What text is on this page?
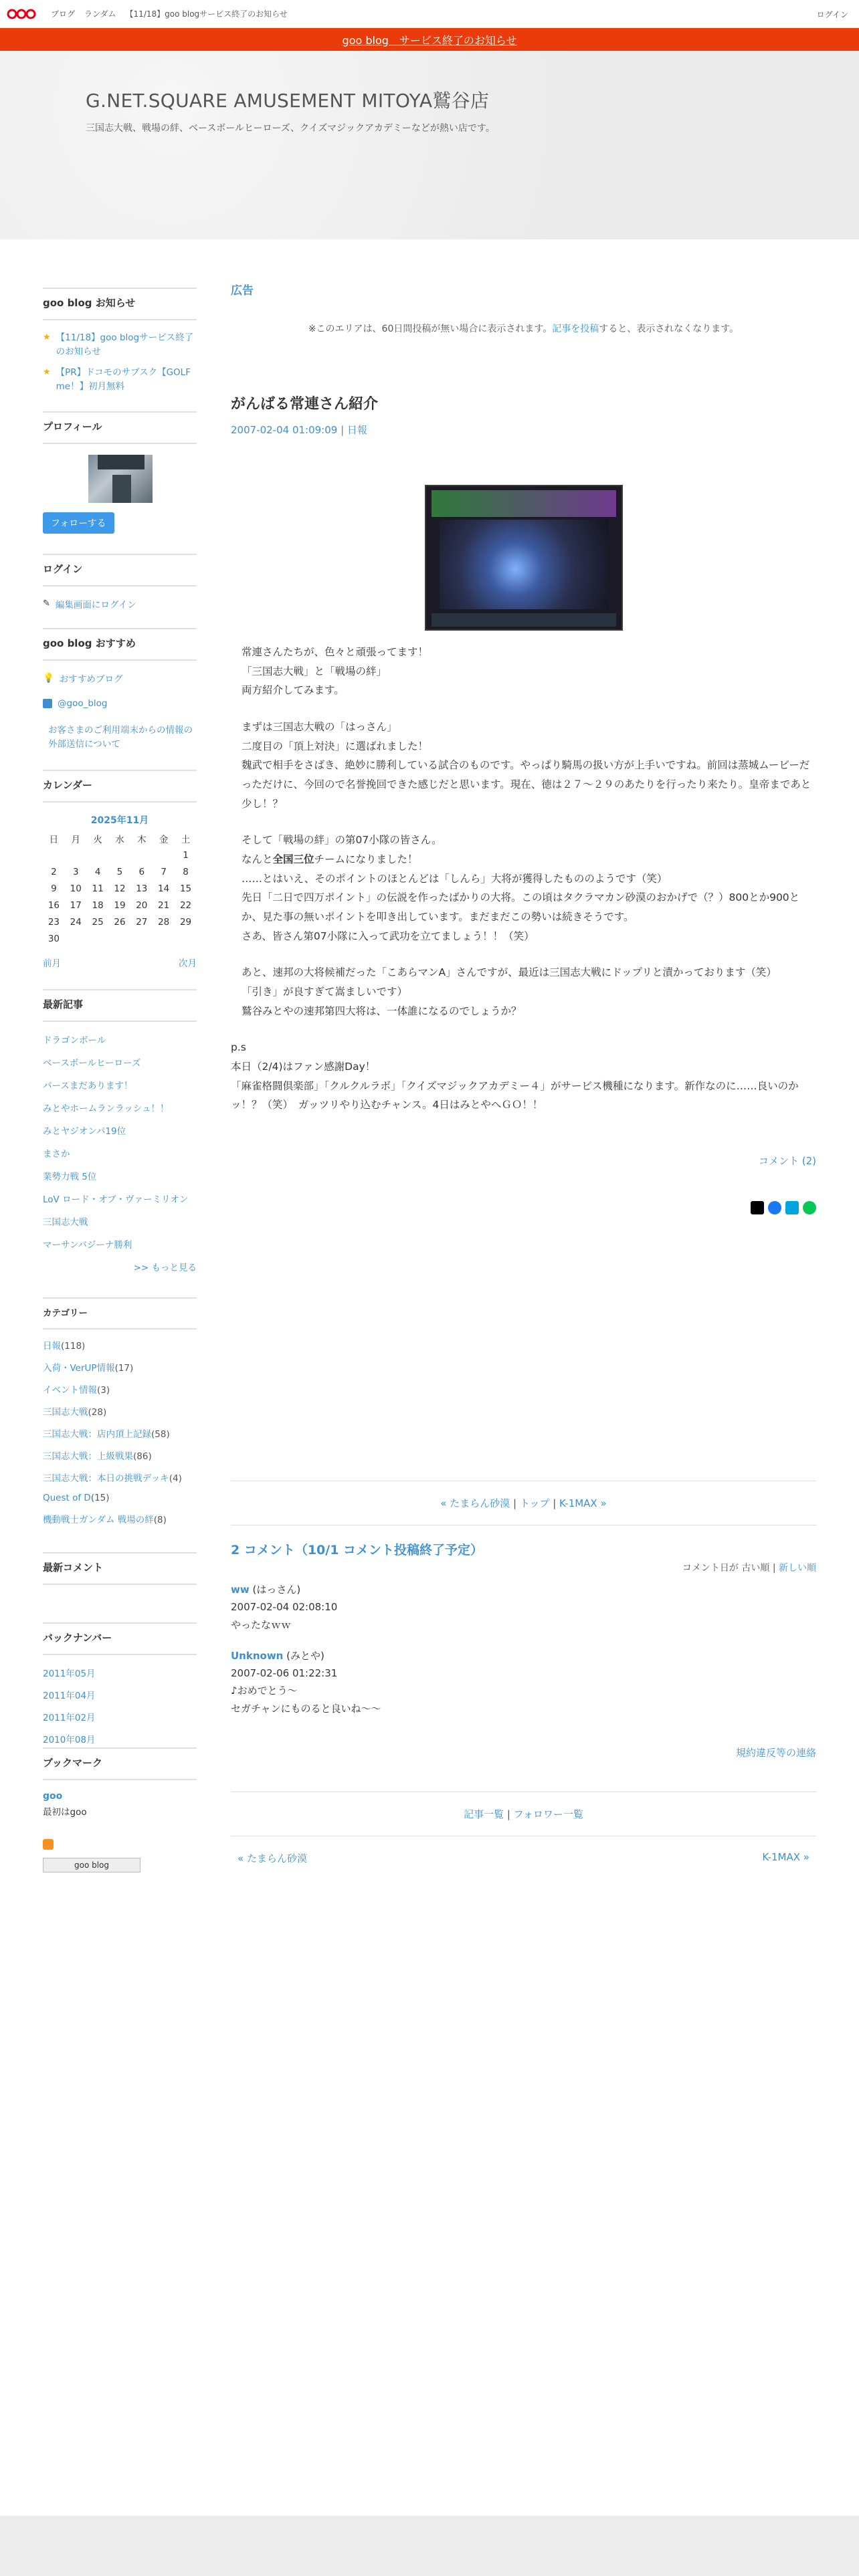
ブログ ランダム 【11/18】goo blogサービス終了のお知らせ	ログイン
goo blog　サービス終了のお知らせ
G.NET.SQUARE AMUSEMENT MITOYA鷲谷店
三国志大戦、戦場の絆、ベースボールヒーローズ、クイズマジックアカデミーなどが熱い店です。
goo blog お知らせ
★ 【11/18】goo blogサービス終了のお知らせ
★ 【PR】ドコモのサブスク【GOLF me！】初月無料
プロフィール
フォローする
ログイン
✎ 編集画面にログイン
goo blog おすすめ
💡 おすすめブログ
@goo_blog
お客さまのご利用端末からの情報の外部送信について
カレンダー
2025年11月
日	月	火	水	木	金	土
						1
2	3	4	5	6	7	8
9	10	11	12	13	14	15
16	17	18	19	20	21	22
23	24	25	26	27	28	29
30						
前月	次月
最新記事
ドラゴンボール
ベースボールヒーローズ
バースまだあります！
みとやホームランラッシュ！！
みとヤジオンパ19位
まさか
業勢力戦 5位
LoV ロード・オブ・ヴァーミリオン
三国志大戦
マーサンバジーナ勝利
>> もっと見る
カテゴリー
日報(118)
入荷・VerUP情報(17)
イベント情報(3)
三国志大戦(28)
三国志大戦：店内頂上記録(58)
三国志大戦：上級戦果(86)
三国志大戦：本日の挑戦デッキ(4)
Quest of D(15)
機動戦士ガンダム 戦場の絆(8)
最新コメント
バックナンバー
2011年05月
2011年04月
2011年02月
2010年08月
ブックマーク
goo
最初はgoo
goo blog
広告
※このエリアは、60日間投稿が無い場合に表示されます。記事を投稿すると、表示されなくなります。
がんばる常連さん紹介
2007-02-04 01:09:09 | 日報

常連さんたちが、色々と頑張ってます！
「三国志大戦」と「戦場の絆」
両方紹介してみます。

まずは三国志大戦の「はっさん」
二度目の「頂上対決」に選ばれました！
魏武で相手をさばき、絶妙に勝利している試合のものです。やっぱり騎馬の扱い方が上手いですね。前回は蒸城ムービーだっただけに、今回ので名誉挽回できた感じだと思います。現在、徳は２７～２９のあたりを行ったり来たり。皇帝まであと少し！？

そして「戦場の絆」の第07小隊の皆さん。
なんと全国三位チームになりました！
……とはいえ、そのポイントのほとんどは「しんら」大将が獲得したもののようです（笑）
先日「二日で四万ポイント」の伝説を作ったばかりの大将。この頃はタクラマカン砂漠のおかげで（？）800とか900とか、見た事の無いポイントを叩き出しています。まだまだこの勢いは続きそうです。
さあ、皆さん第07小隊に入って武功を立てましょう！！（笑）

あと、速邦の大将候補だった「こあらマンA」さんですが、最近は三国志大戦にドップリと漬かっております（笑）
「引き」が良すぎて嵩ましいです）
鷲谷みとやの速邦第四大将は、一体誰になるのでしょうか？

p.s
本日（2/4)はファン感謝Day！
「麻雀格闘倶楽部」「クルクルラボ」「クイズマジックアカデミー４」がサービス機種になります。新作なのに……良いのかッ！？（笑）　ガッツリやり込むチャンス。4日はみとやへＧＯ！！

コメント (2)
« たまらん砂漠 | トップ | K-1MAX »
2 コメント（10/1 コメント投稿終了予定）
コメント日が 古い順 | 新しい順
ww (はっさん)
2007-02-04 02:08:10
やったなｗｗ
Unknown (みとや)
2007-02-06 01:22:31
♪おめでとう～
セガチャンにものると良いね～～
規約違反等の連絡
記事一覧 | フォロワー一覧
« たまらん砂漠	K-1MAX »
